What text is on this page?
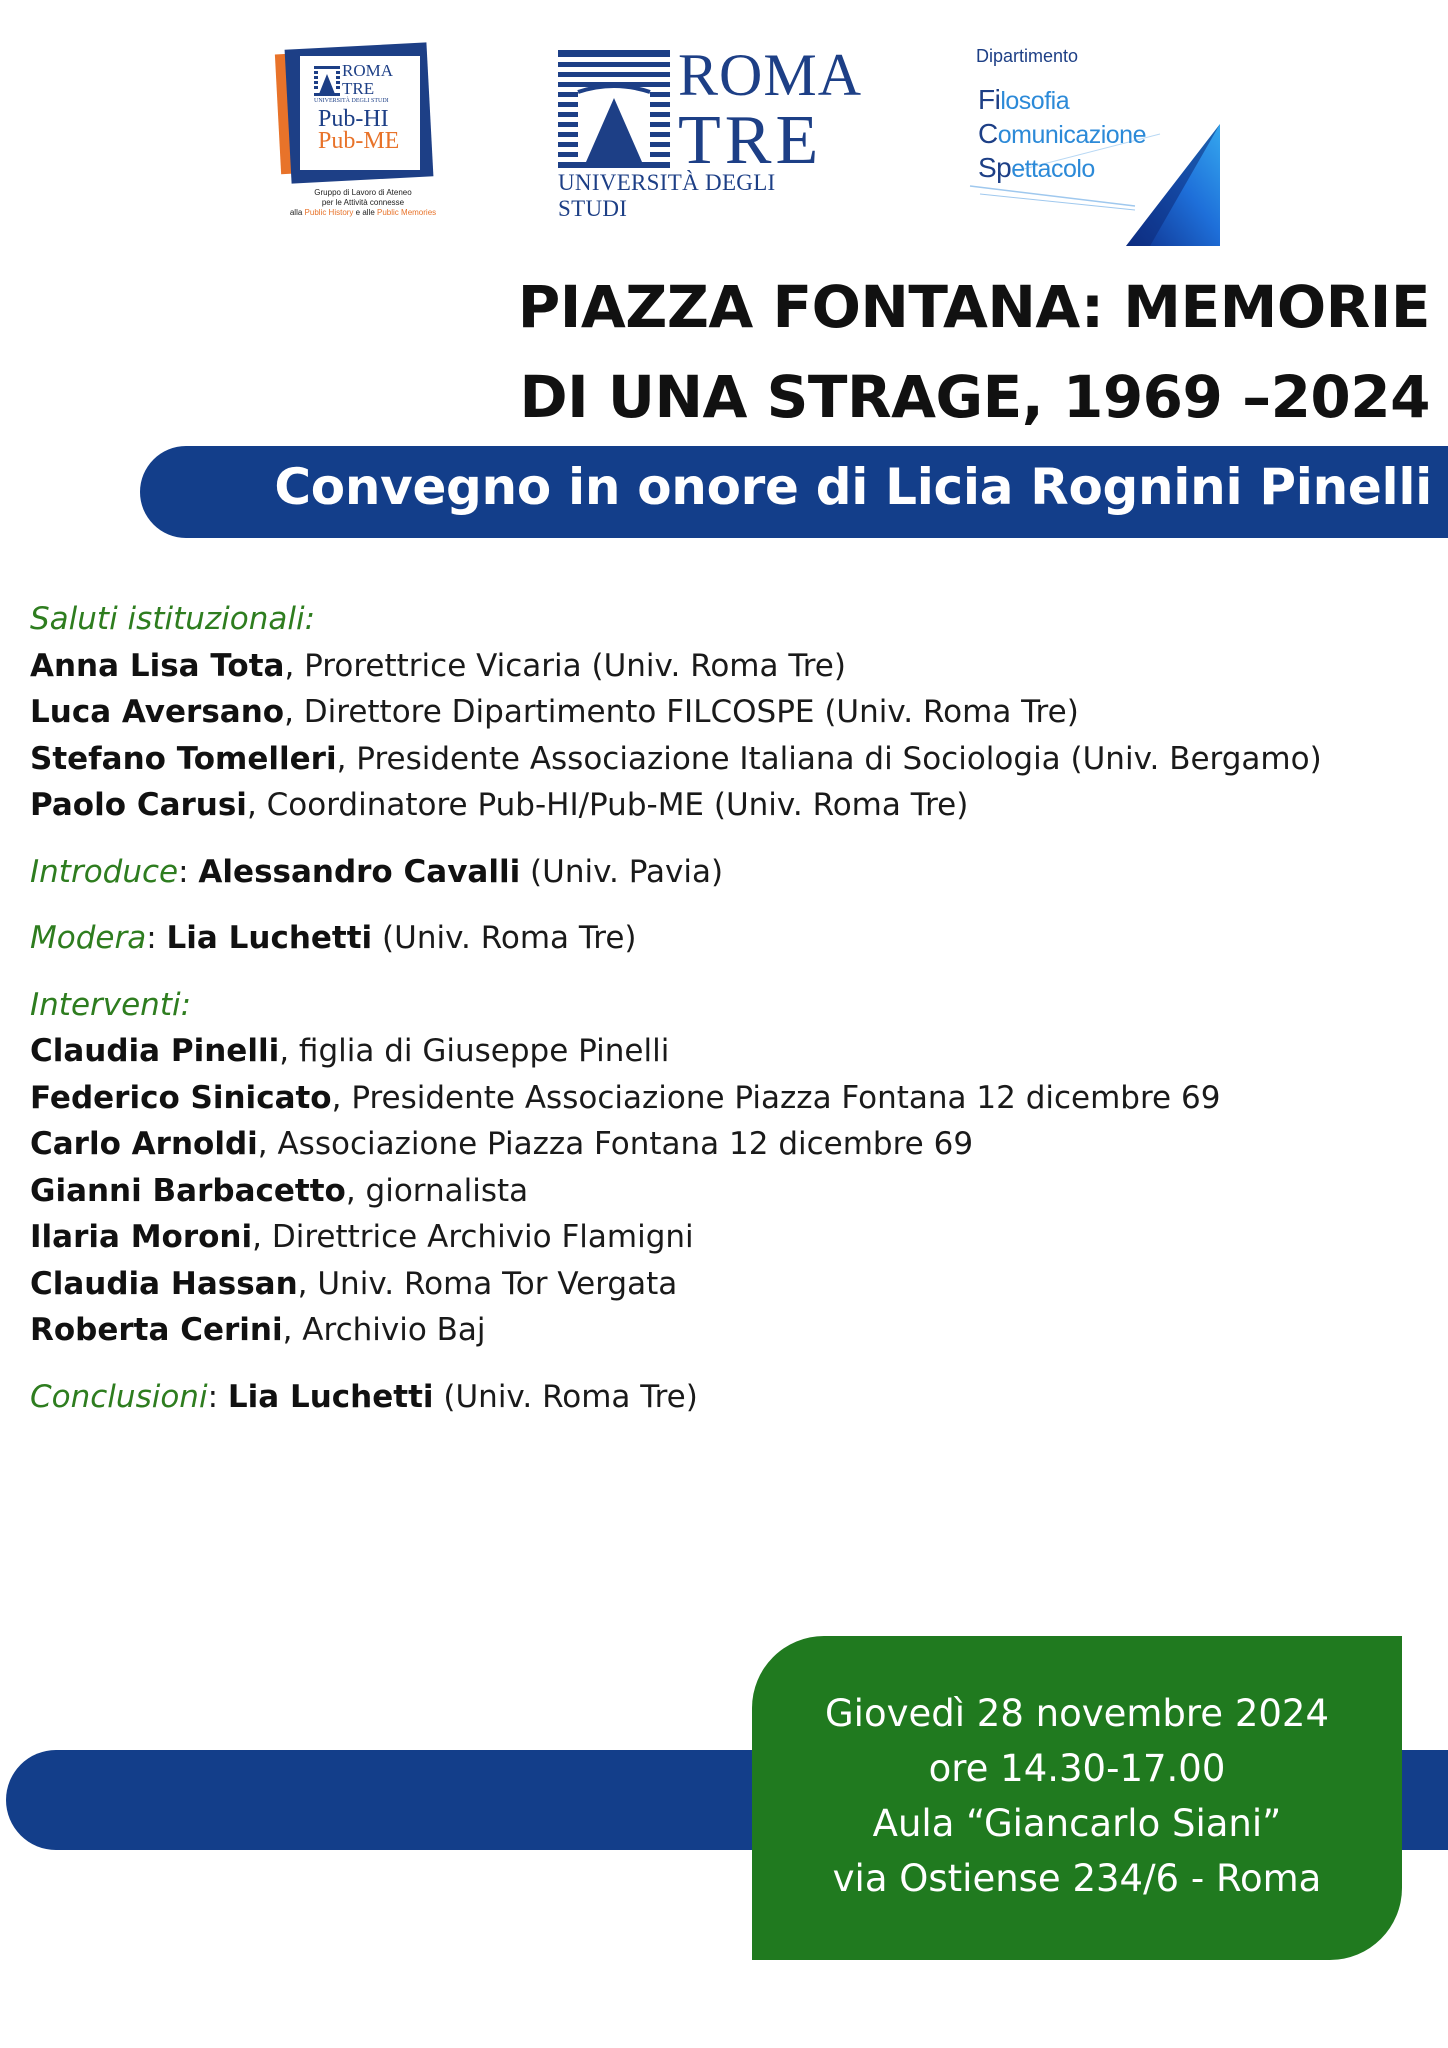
ROMA
TRE
UNIVERSITÀ DEGLI STUDI
Pub-HI
Pub-ME
Gruppo di Lavoro di Ateneo
per le Attività connesse
alla Public History e alle Public Memories
ROMA
TRE
UNIVERSITÀ DEGLI STUDI
Dipartimento
Filosofia
Comunicazione
Spettacolo
PIAZZA FONTANA: MEMORIE
DI UNA STRAGE, 1969 –2024
Convegno in onore di Licia Rognini Pinelli
Saluti istituzionali:
Anna Lisa Tota, Prorettrice Vicaria (Univ. Roma Tre)
Luca Aversano, Direttore Dipartimento FILCOSPE (Univ. Roma Tre)
Stefano Tomelleri, Presidente Associazione Italiana di Sociologia (Univ. Bergamo)
Paolo Carusi, Coordinatore Pub-HI/Pub-ME (Univ. Roma Tre)
Introduce: Alessandro Cavalli (Univ. Pavia)
Modera: Lia Luchetti (Univ. Roma Tre)
Interventi:
Claudia Pinelli, figlia di Giuseppe Pinelli
Federico Sinicato, Presidente Associazione Piazza Fontana 12 dicembre 69
Carlo Arnoldi, Associazione Piazza Fontana 12 dicembre 69
Gianni Barbacetto, giornalista
Ilaria Moroni, Direttrice Archivio Flamigni
Claudia Hassan, Univ. Roma Tor Vergata
Roberta Cerini, Archivio Baj
Conclusioni: Lia Luchetti (Univ. Roma Tre)
Giovedì 28 novembre 2024
ore 14.30-17.00
Aula “Giancarlo Siani”
via Ostiense 234/6 - Roma
